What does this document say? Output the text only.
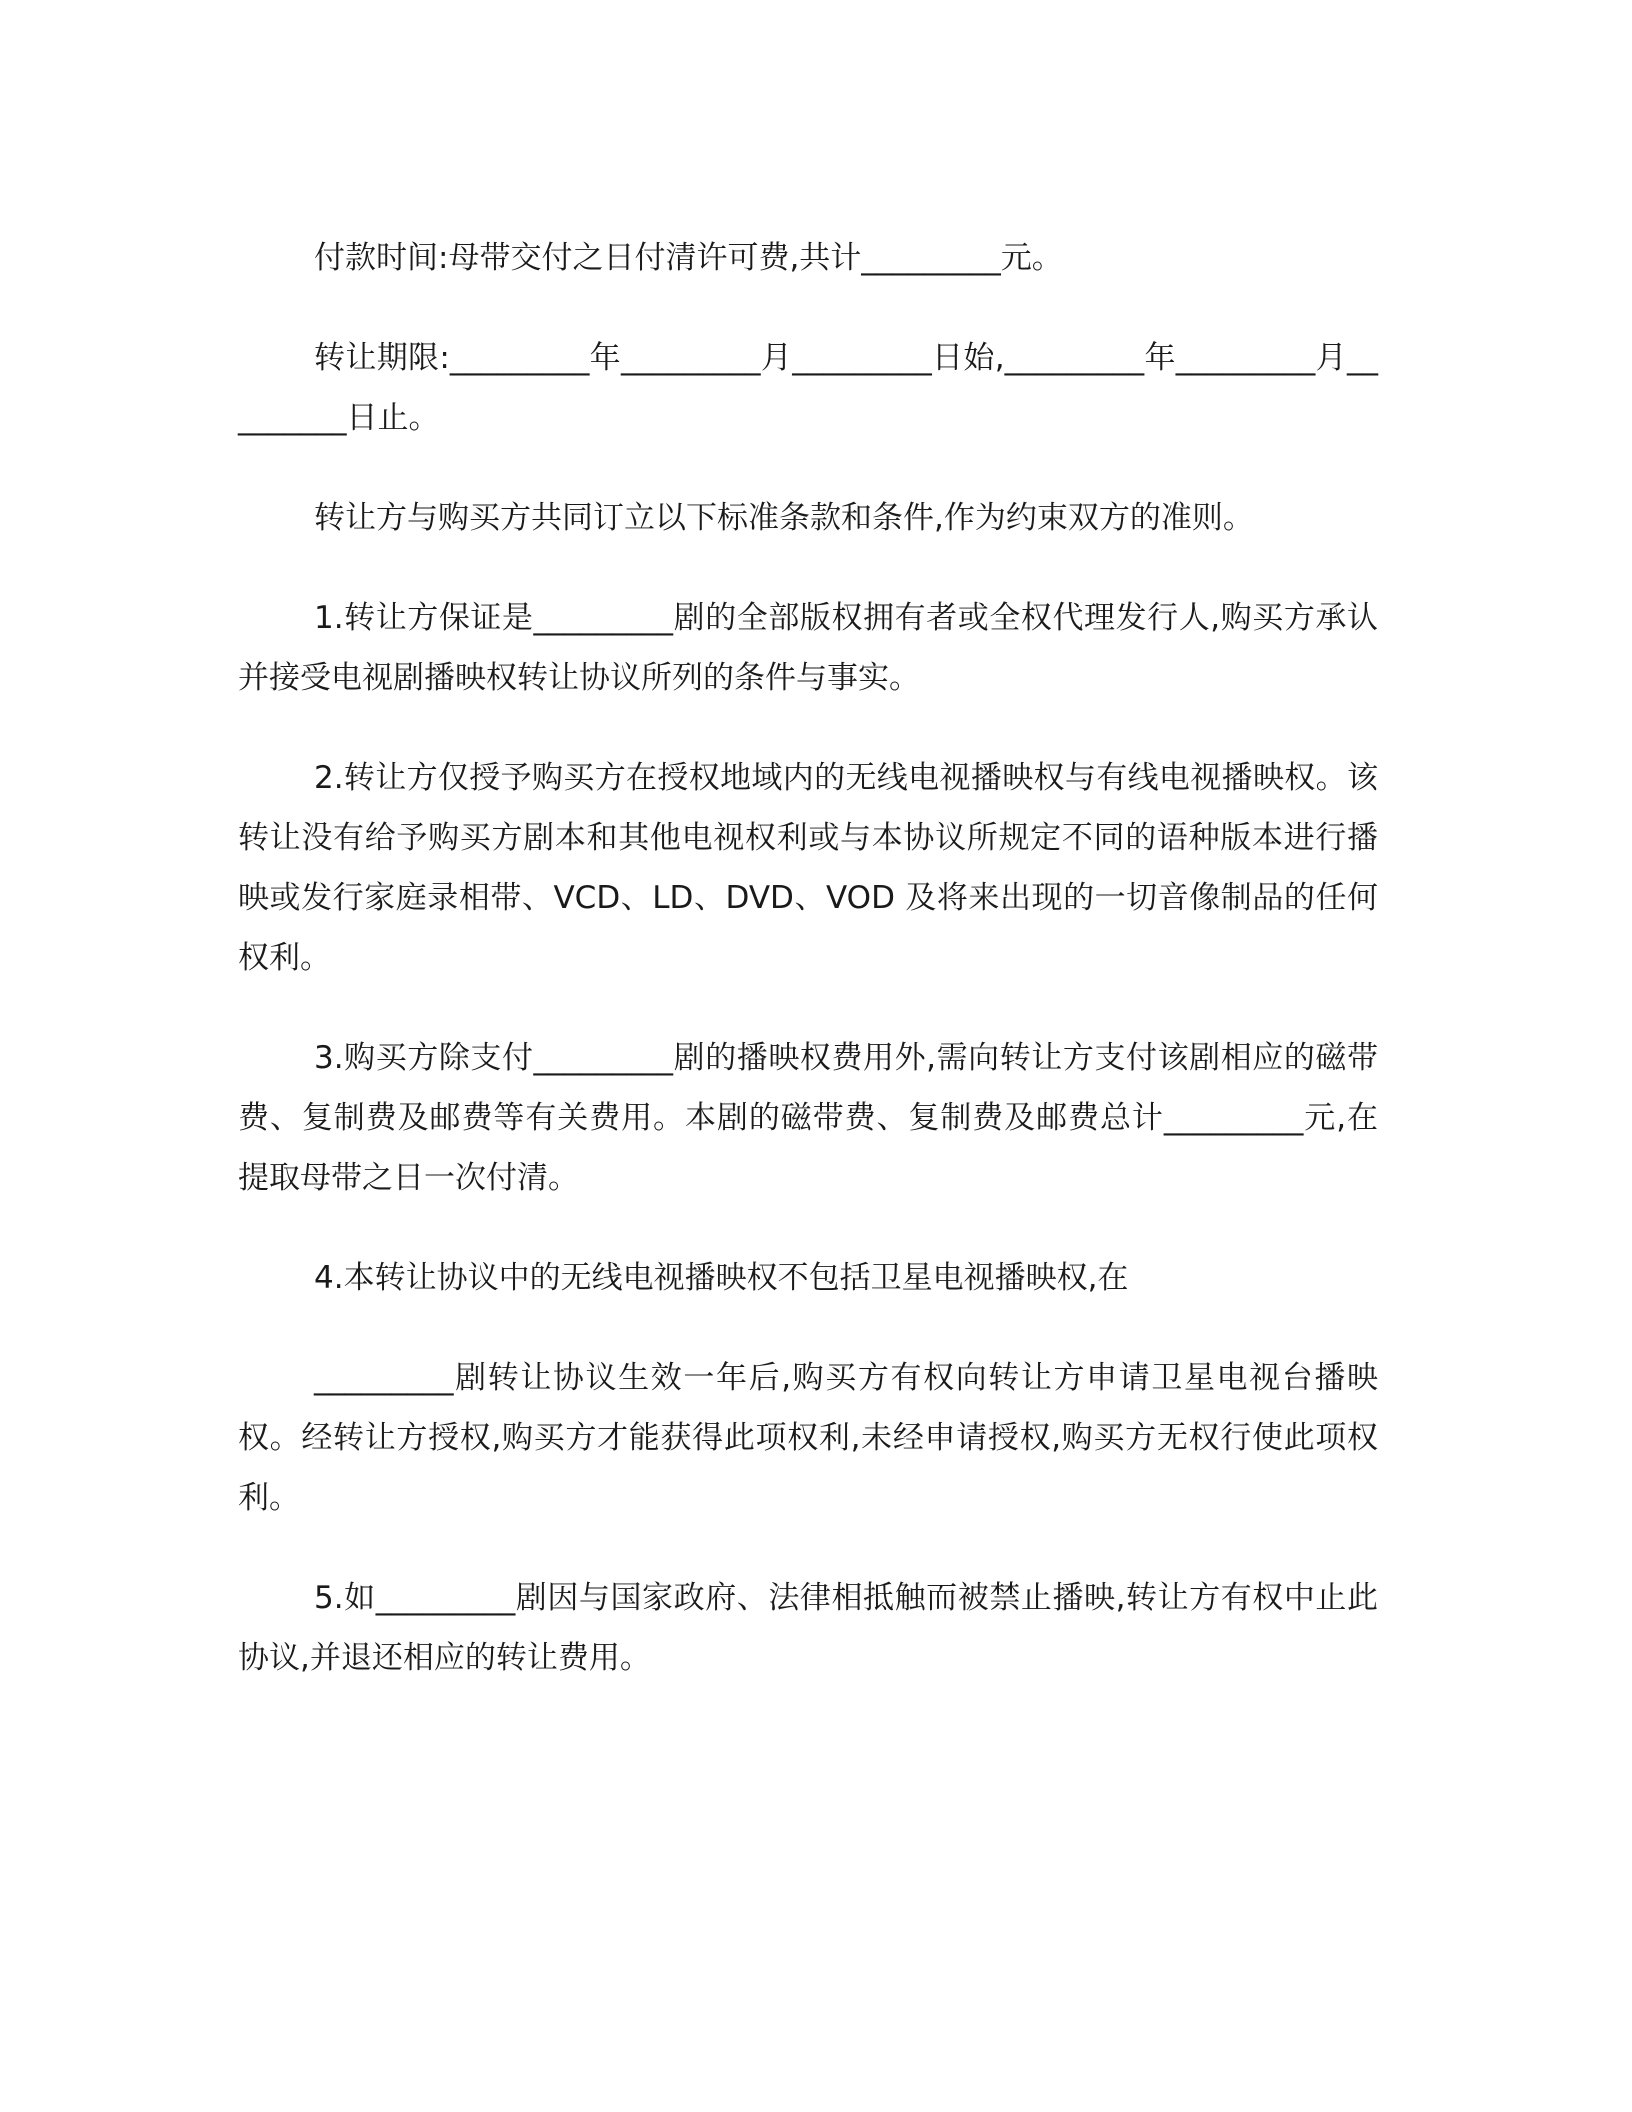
付款时间:母带交付之日付清许可费,共计_________元。

转让期限:_________年_________月_________日始,_________年_________月_________日止。

转让方与购买方共同订立以下标准条款和条件,作为约束双方的准则。

1.转让方保证是_________剧的全部版权拥有者或全权代理发行人,购买方承认并接受电视剧播映权转让协议所列的条件与事实。

2.转让方仅授予购买方在授权地域内的无线电视播映权与有线电视播映权。该转让没有给予购买方剧本和其他电视权利或与本协议所规定不同的语种版本进行播映或发行家庭录相带、VCD、LD、DVD、VOD 及将来出现的一切音像制品的任何权利。

3.购买方除支付_________剧的播映权费用外,需向转让方支付该剧相应的磁带费、复制费及邮费等有关费用。本剧的磁带费、复制费及邮费总计_________元,在提取母带之日一次付清。

4.本转让协议中的无线电视播映权不包括卫星电视播映权,在

_________剧转让协议生效一年后,购买方有权向转让方申请卫星电视台播映权。经转让方授权,购买方才能获得此项权利,未经申请授权,购买方无权行使此项权利。

5.如_________剧因与国家政府、法律相抵触而被禁止播映,转让方有权中止此协议,并退还相应的转让费用。
